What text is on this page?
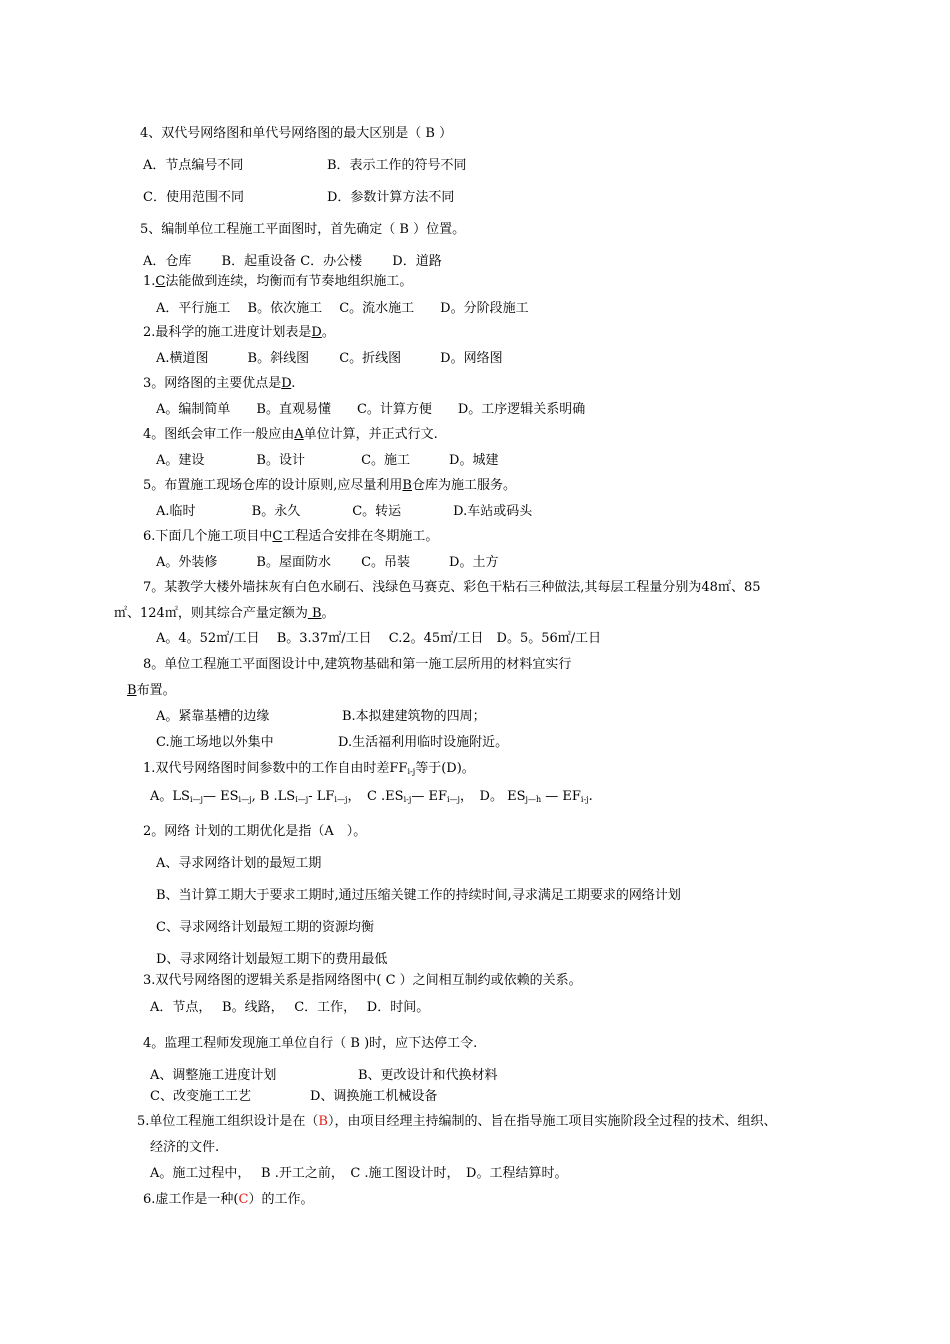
4、双代号网络图和单代号网络图的最大区别是（ B ）
A．节点编号不同	B．表示工作的符号不同
C．使用范围不同	D．参数计算方法不同
5、编制单位工程施工平面图时，首先确定（ B ）位置。
A．仓库　　 B．起重设备 C．办公楼　　 D．道路
1.C法能做到连续，均衡而有节奏地组织施工。
A．平行施工　 B。依次施工　 C。流水施工　　D。分阶段施工
2.最科学的施工进度计划表是D。
A.横道图　　　B。斜线图　　 C。折线图　　　D。网络图
3。网络图的主要优点是D.
A。编制简单　　B。直观易懂　　C。计算方便　　D。工序逻辑关系明确
4。图纸会审工作一般应由A单位计算，并正式行文.
A。建设　　　　B。设计　　　　 C。施工　　　D。城建
5。布置施工现场仓库的设计原则,应尽量利用B仓库为施工服务。
A.临时　　　　 B。永久　　　　C。转运　　　　D.车站或码头
6.下面几个施工项目中C工程适合安排在冬期施工。
A。外装修　　　B。屋面防水　　 C。吊装　　　D。土方
7。某教学大楼外墙抹灰有白色水刷石、浅绿色马赛克、彩色干粘石三种做法,其每层工程量分别为48㎡、85
㎡、124㎡，则其综合产量定额为 B。
A。4。52㎡/工日　 B。3.37㎡/工日　 C.2。45㎡/工日　D。5。56㎡/工日
8。单位工程施工平面图设计中,建筑物基础和第一施工层所用的材料宜实行
B布置。
A。紧靠基槽的边缘	B.本拟建建筑物的四周；
C.施工场地以外集中	D.生活福利用临时设施附近。
1.双代号网络图时间参数中的工作自由时差$FF_{i-j}$等于(D)。
A。$LS_{i—j}—$ $ES_{i—j}$, B $.LS_{i—j}-$ $LF_{i—j}$，　C $.ES_{i-j}—$ $EF_{i—j}$，　D。 $ES_{j—h}$ — $EF_{i-j}$.
2。网络 计划的工期优化是指（A　）。
A、寻求网络计划的最短工期
B、当计算工期大于要求工期时,通过压缩关键工作的持续时间,寻求满足工期要求的网络计划
C、寻求网络计划最短工期的资源均衡
D、寻求网络计划最短工期下的费用最低
3.双代号网络图的逻辑关系是指网络图中( C ）之间相互制约或依赖的关系。
A．节点，　 B。线路，　 C．工作，　 D．时间。
4。监理工程师发现施工单位自行（ B )时，应下达停工令.
A、调整施工进度计划	B、更改设计和代换材料
C、改变施工工艺	D、调换施工机械设备
5.单位工程施工组织设计是在（B），由项目经理主持编制的、旨在指导施工项目实施阶段全过程的技术、组织、
经济的文件.
A。施工过程中，　 B .开工之前，　C .施工图设计时，　D。工程结算时。
6.虚工作是一种(C）的工作。
